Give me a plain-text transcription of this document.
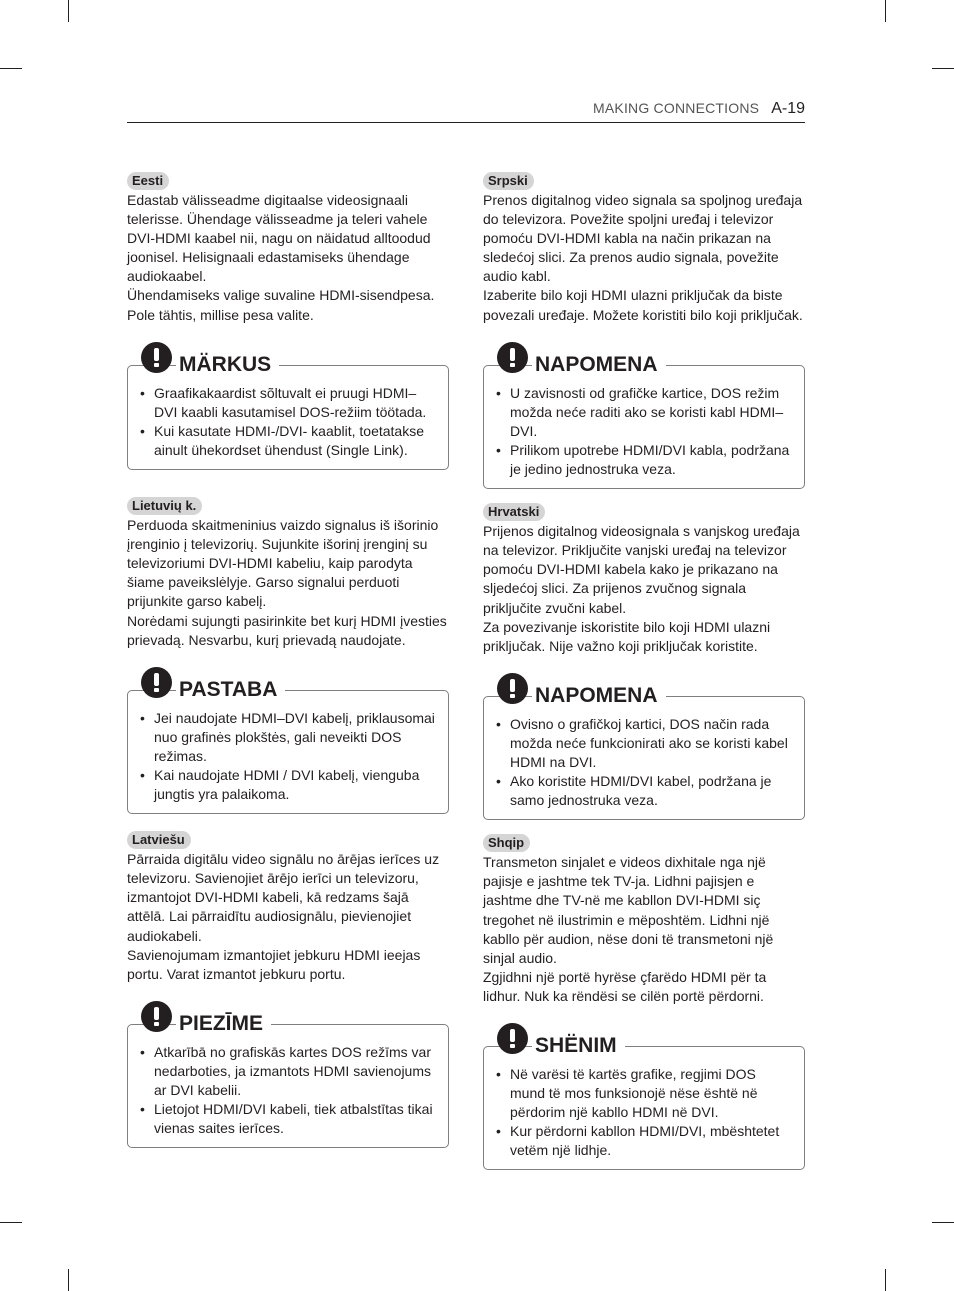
MAKING CONNECTIONS A-19
Eesti

Edastab välisseadme digitaalse videosignaali telerisse. Ühendage välisseadme ja teleri vahele DVI-HDMI kaabel nii, nagu on näidatud alltoodud joonisel. Helisignaali edastamiseks ühendage audiokaabel.

Ühendamiseks valige suvaline HDMI-sisendpesa. Pole tähtis, millise pesa valite.

MÄRKUS
• Graafikakaardist sõltuvalt ei pruugi HDMI–DVI kaabli kasutamisel DOS-režiim töötada.
• Kui kasutate HDMI-/DVI- kaablit, toetatakse ainult ühekordset ühendust (Single Link).
Lietuvių k.

Perduoda skaitmeninius vaizdo signalus iš išorinio įrenginio į televizorių. Sujunkite išorinį įrenginį su televizoriumi DVI-HDMI kabeliu, kaip parodyta šiame paveikslėlyje. Garso signalui perduoti prijunkite garso kabelį.

Norėdami sujungti pasirinkite bet kurį HDMI įvesties prievadą. Nesvarbu, kurį prievadą naudojate.

PASTABA
• Jei naudojate HDMI–DVI kabelį, priklausomai nuo grafinės plokštės, gali neveikti DOS režimas.
• Kai naudojate HDMI / DVI kabelį, vienguba jungtis yra palaikoma.
Latviešu

Pārraida digitālu video signālu no ārējas ierīces uz televizoru. Savienojiet ārējo ierīci un televizoru, izmantojot DVI-HDMI kabeli, kā redzams šajā attēlā. Lai pārraidītu audiosignālu, pievienojiet audiokabeli.

Savienojumam izmantojiet jebkuru HDMI ieejas portu. Varat izmantot jebkuru portu.

PIEZĪME
• Atkarībā no grafiskās kartes DOS režīms var nedarboties, ja izmantots HDMI savienojums ar DVI kabelii.
• Lietojot HDMI/DVI kabeli, tiek atbalstītas tikai vienas saites ierīces.
Srpski

Prenos digitalnog video signala sa spoljnog uređaja do televizora. Povežite spoljni uređaj i televizor pomoću DVI-HDMI kabla na način prikazan na sledećoj slici. Za prenos audio signala, povežite audio kabl.

Izaberite bilo koji HDMI ulazni priključak da biste povezali uređaje. Možete koristiti bilo koji priključak.

NAPOMENA
• U zavisnosti od grafičke kartice, DOS režim možda neće raditi ako se koristi kabl HDMI–DVI.
• Prilikom upotrebe HDMI/DVI kabla, podržana je jedino jednostruka veza.
Hrvatski

Prijenos digitalnog videosignala s vanjskog uređaja na televizor. Priključite vanjski uređaj na televizor pomoću DVI-HDMI kabela kako je prikazano na sljedećoj slici. Za prijenos zvučnog signala priključite zvučni kabel.

Za povezivanje iskoristite bilo koji HDMI ulazni priključak. Nije važno koji priključak koristite.

NAPOMENA
• Ovisno o grafičkoj kartici, DOS način rada možda neće funkcionirati ako se koristi kabel HDMI na DVI.
• Ako koristite HDMI/DVI kabel, podržana je samo jednostruka veza.
Shqip

Transmeton sinjalet e videos dixhitale nga një pajisje e jashtme tek TV-ja. Lidhni pajisjen e jashtme dhe TV-në me kabllon DVI-HDMI siç tregohet në ilustrimin e mëposhtëm. Lidhni një kabllo për audion, nëse doni të transmetoni një sinjal audio.

Zgjidhni një portë hyrëse çfarëdo HDMI për ta lidhur. Nuk ka rëndësi se cilën portë përdorni.

SHËNIM
• Në varësi të kartës grafike, regjimi DOS mund të mos funksionojë nëse është në përdorim një kabllo HDMI në DVI.
• Kur përdorni kabllon HDMI/DVI, mbështetet vetëm një lidhje.
